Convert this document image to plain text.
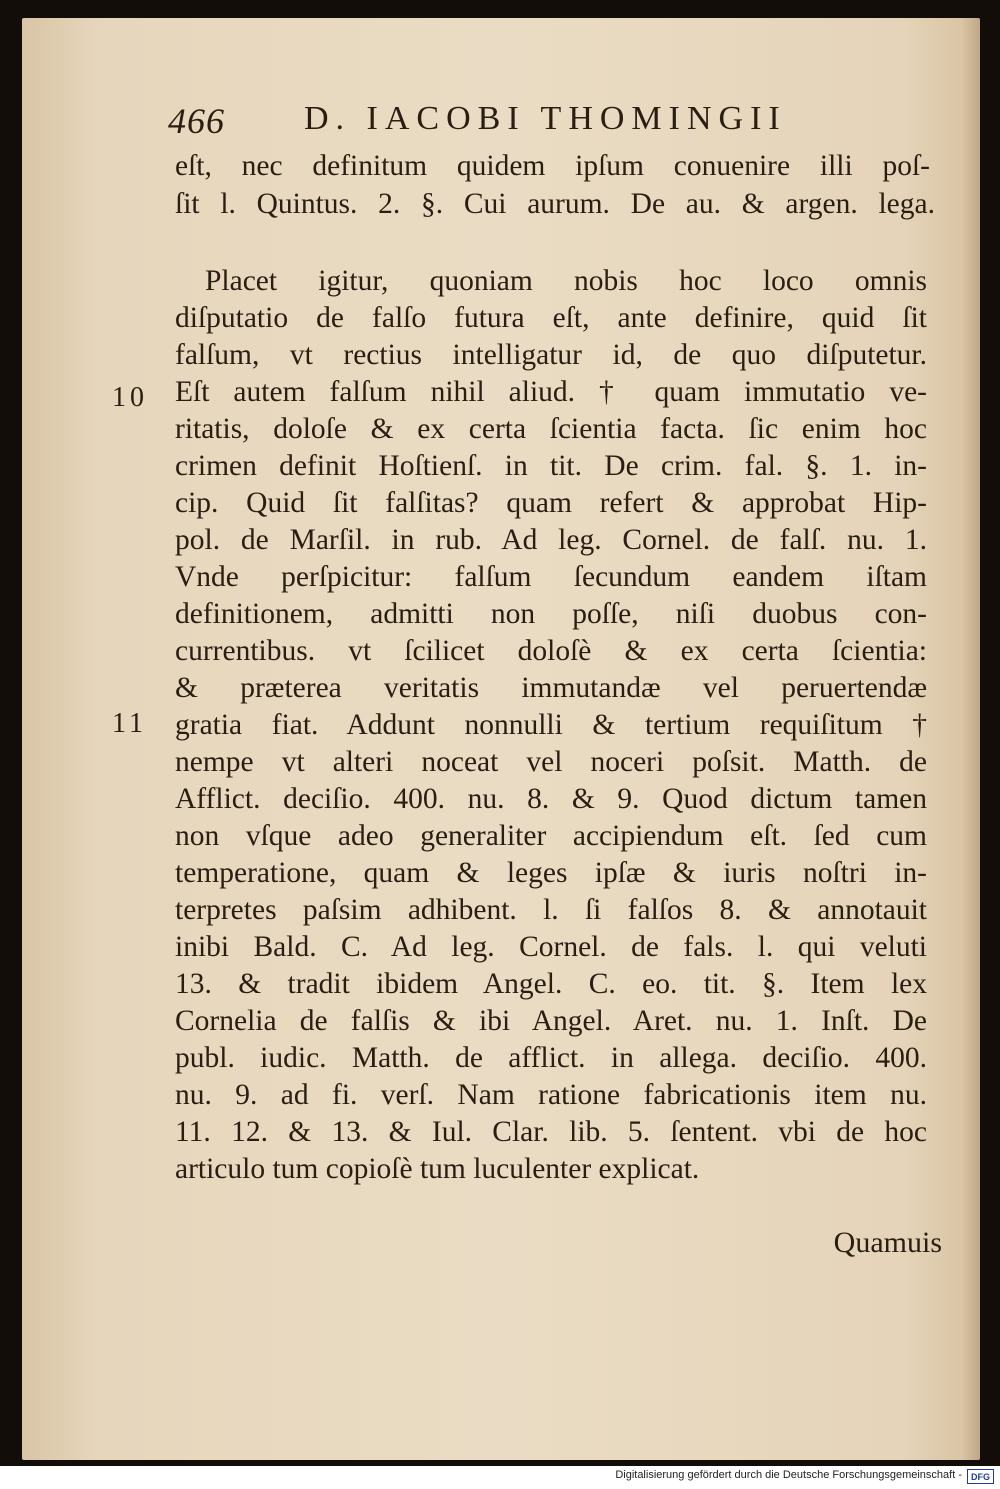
466 D. IACOBI THOMINGII
10
11
eſt, nec definitum quidem ipſum conuenire illi poſ-
ſit l. Quintus. 2. §. Cui aurum. De au. & argen. lega.
Placet igitur, quoniam nobis hoc loco omnis
diſputatio de falſo futura eſt, ante definire, quid ſit
falſum, vt rectius intelligatur id, de quo diſputetur.
Eſt autem falſum nihil aliud. † quam immutatio ve-
ritatis, doloſe & ex certa ſcientia facta. ſic enim hoc
crimen definit Hoſtienſ. in tit. De crim. fal. §. 1. in-
cip. Quid ſit falſitas? quam refert & approbat Hip-
pol. de Marſil. in rub. Ad leg. Cornel. de falſ. nu. 1.
Vnde perſpicitur: falſum ſecundum eandem iſtam
definitionem, admitti non poſſe, niſi duobus con-
currentibus. vt ſcilicet doloſè & ex certa ſcientia:
& præterea veritatis immutandæ vel peruertendæ
gratia fiat. Addunt nonnulli & tertium requiſitum †
nempe vt alteri noceat vel noceri poſsit. Matth. de
Afflict. deciſio. 400. nu. 8. & 9. Quod dictum tamen
non vſque adeo generaliter accipiendum eſt. ſed cum
temperatione, quam & leges ipſæ & iuris noſtri in-
terpretes paſsim adhibent. l. ſi falſos 8. & annotauit
inibi Bald. C. Ad leg. Cornel. de fals. l. qui veluti
13. & tradit ibidem Angel. C. eo. tit. §. Item lex
Cornelia de falſis & ibi Angel. Aret. nu. 1. Inſt. De
publ. iudic. Matth. de afflict. in allega. deciſio. 400.
nu. 9. ad fi. verſ. Nam ratione fabricationis item nu.
11. 12. & 13. & Iul. Clar. lib. 5. ſentent. vbi de hoc
articulo tum copioſè tum luculenter explicat.
Quamuis
Digitalisierung gefördert durch die Deutsche Forschungsgemeinschaft -	DFG
